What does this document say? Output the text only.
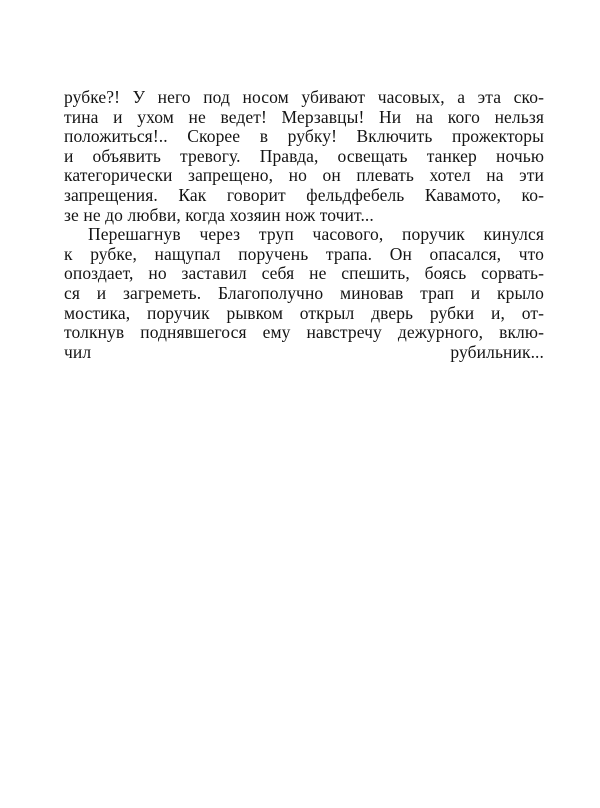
рубке?! У него под носом убивают часовых, а эта ско-
тина и ухом не ведет! Мерзавцы! Ни на кого нельзя
положиться!.. Скорее в рубку! Включить прожекторы
и объявить тревогу. Правда, освещать танкер ночью
категорически запрещено, но он плевать хотел на эти
запрещения. Как говорит фельдфебель Кавамото, ко-
зе не до любви, когда хозяин нож точит...
Перешагнув через труп часового, поручик кинулся
к рубке, нащупал поручень трапа. Он опасался, что
опоздает, но заставил себя не спешить, боясь сорвать-
ся и загреметь. Благополучно миновав трап и крыло
мостика, поручик рывком открыл дверь рубки и, от-
толкнув поднявшегося ему навстречу дежурного, вклю-
чил рубильник...
